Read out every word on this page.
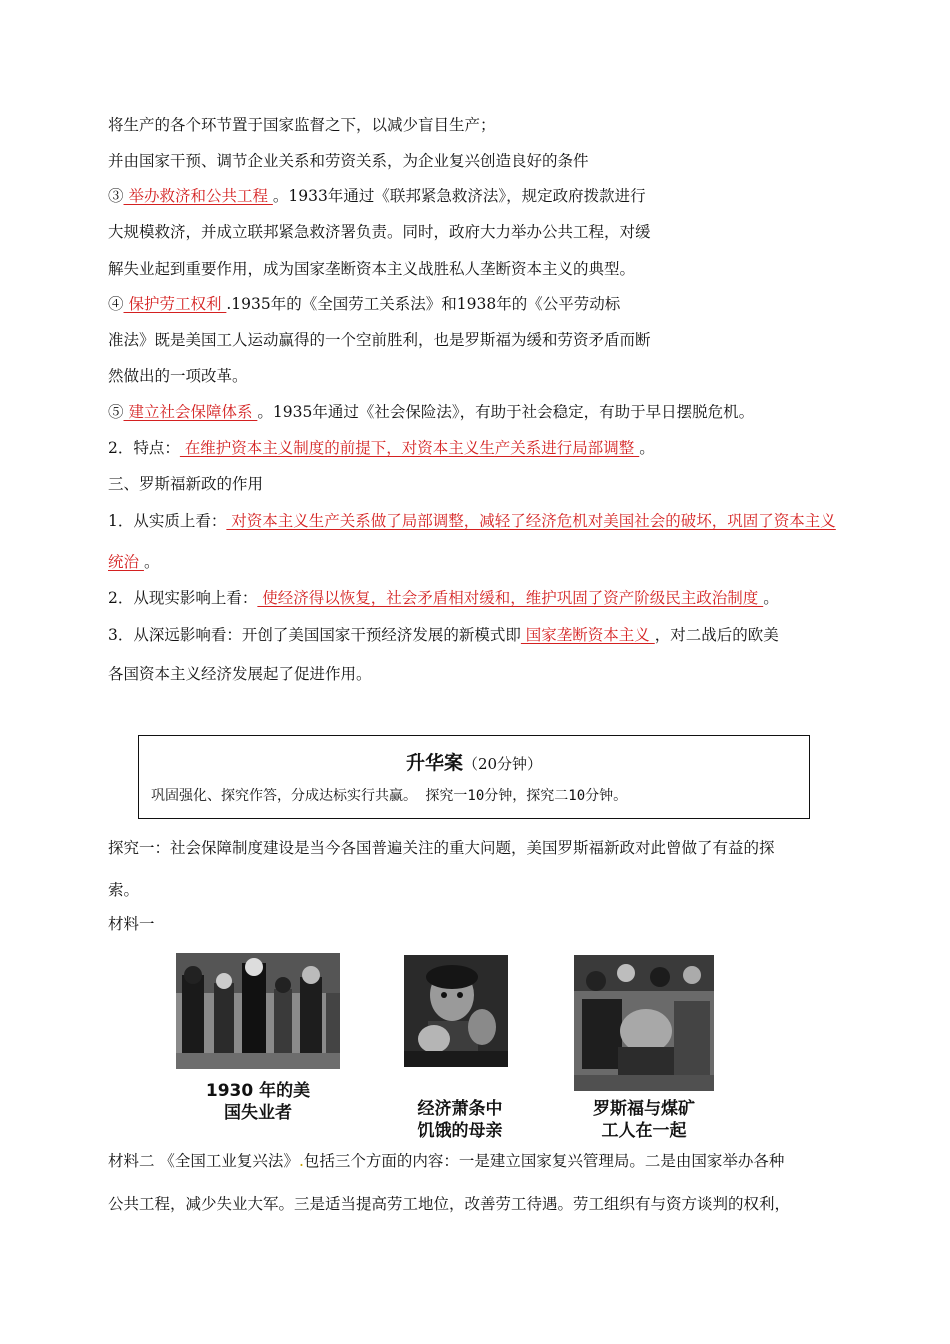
将生产的各个环节置于国家监督之下，以减少盲目生产；
并由国家干预、调节企业关系和劳资关系，为企业复兴创造良好的条件
③ 举办救济和公共工程 。1933年通过《联邦紧急救济法》，规定政府拨款进行
大规模救济，并成立联邦紧急救济署负责。同时，政府大力举办公共工程，对缓
解失业起到重要作用，成为国家垄断资本主义战胜私人垄断资本主义的典型。
④ 保护劳工权利 .1935年的《全国劳工关系法》和1938年的《公平劳动标
准法》既是美国工人运动赢得的一个空前胜利，也是罗斯福为缓和劳资矛盾而断
然做出的一项改革。
⑤ 建立社会保障体系 。1935年通过《社会保险法》，有助于社会稳定，有助于早日摆脱危机。
2．特点： 在维护资本主义制度的前提下，对资本主义生产关系进行局部调整 。
三、罗斯福新政的作用
1．从实质上看： 对资本主义生产关系做了局部调整，减轻了经济危机对美国社会的破坏，巩固了资本主义
统治 。
2．从现实影响上看： 使经济得以恢复，社会矛盾相对缓和，维护巩固了资产阶级民主政治制度 。
3．从深远影响看：开创了美国国家干预经济发展的新模式即 国家垄断资本主义 ，对二战后的欧美
各国资本主义经济发展起了促进作用。
升华案（20分钟）
巩固强化、探究作答，分成达标实行共赢。 探究一10分钟，探究二10分钟。
探究一：社会保障制度建设是当今各国普遍关注的重大问题，美国罗斯福新政对此曾做了有益的探
索。
材料一
1930 年的美
国失业者	经济萧条中
饥饿的母亲
罗斯福与煤矿
工人在一起
材料二 《全国工业复兴法》.包括三个方面的内容：一是建立国家复兴管理局。二是由国家举办各种
公共工程，减少失业大军。三是适当提高劳工地位，改善劳工待遇。劳工组织有与资方谈判的权利，
